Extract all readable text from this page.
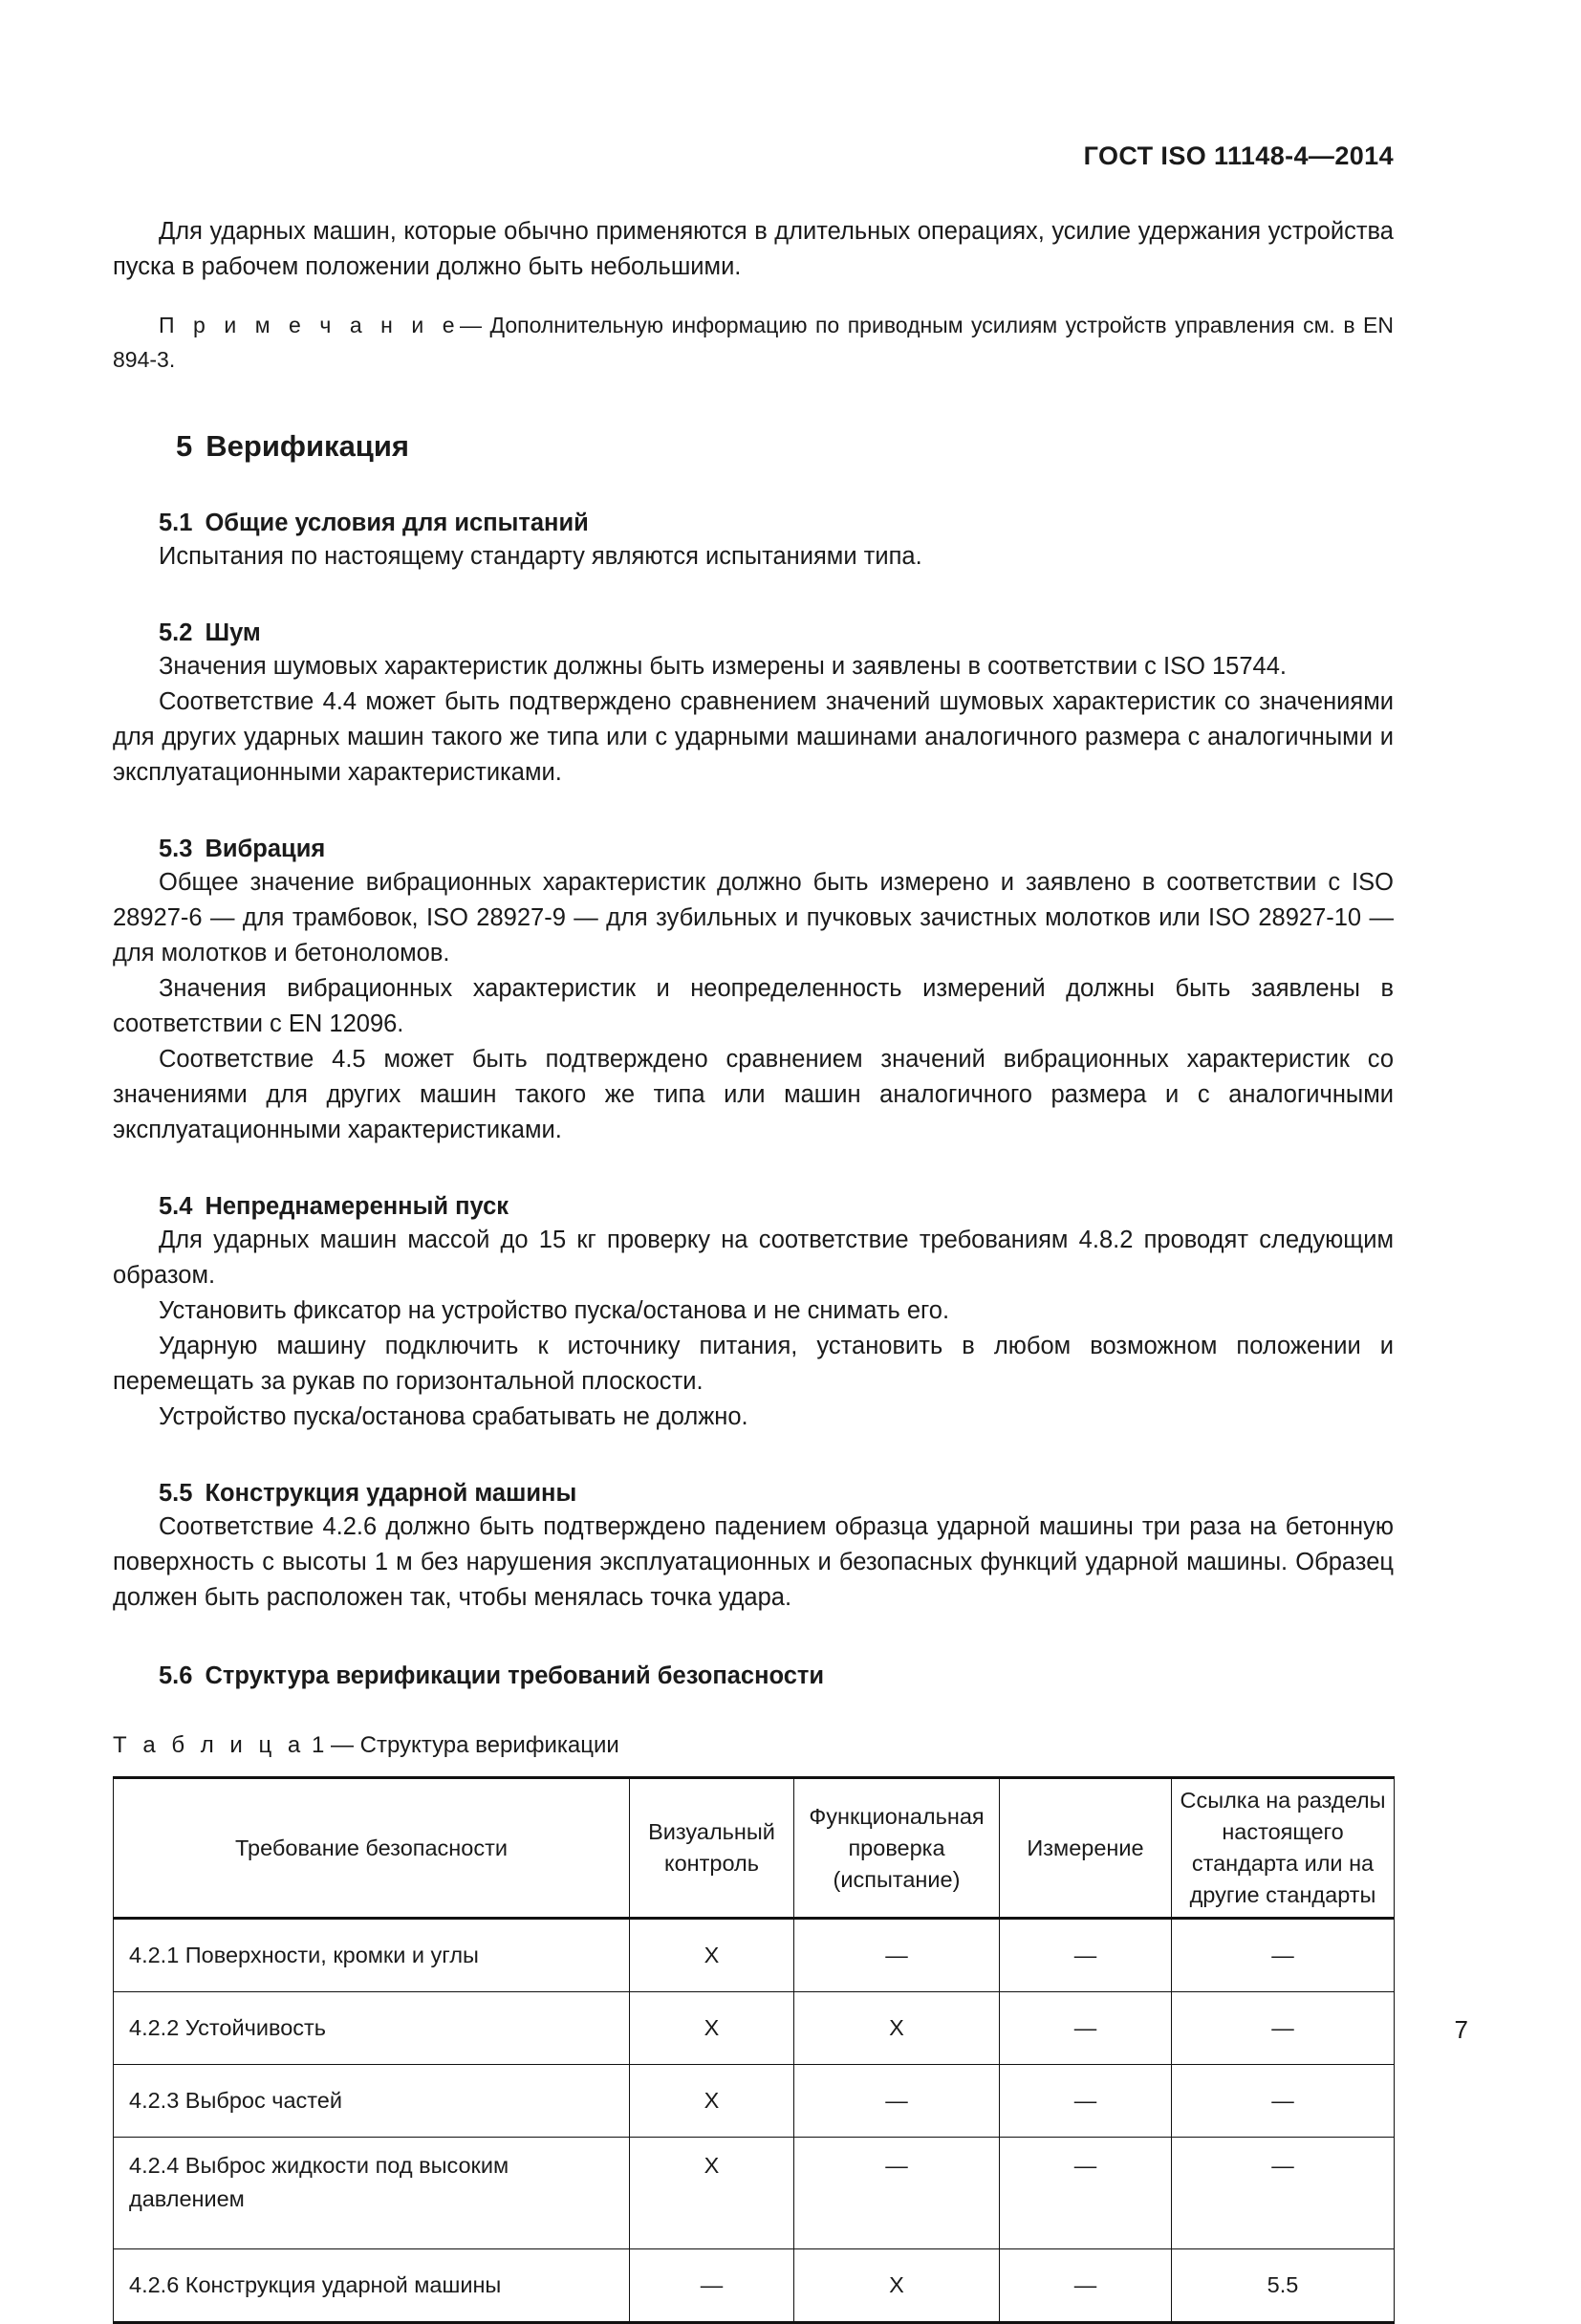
ГОСТ ISO 11148-4—2014

Для ударных машин, которые обычно применяются в длительных операциях, усилие удержания устройства пуска в рабочем положении должно быть небольшими.

П р и м е ч а н и е— Дополнительную информацию по приводным усилиям устройств управления см. в EN 894-3.

5 Верификация
5.1 Общие условия для испытаний

Испытания по настоящему стандарту являются испытаниями типа.

5.2 Шум

Значения шумовых характеристик должны быть измерены и заявлены в соответствии с ISO 15744.

Соответствие 4.4 может быть подтверждено сравнением значений шумовых характеристик со значениями для других ударных машин такого же типа или с ударными машинами аналогичного размера с аналогичными и эксплуатационными характеристиками.

5.3 Вибрация

Общее значение вибрационных характеристик должно быть измерено и заявлено в соответствии с ISO 28927-6 — для трамбовок, ISO 28927-9 — для зубильных и пучковых зачистных молотков или ISO 28927-10 — для молотков и бетоноломов.

Значения вибрационных характеристик и неопределенность измерений должны быть заявлены в соответствии с EN 12096.

Соответствие 4.5 может быть подтверждено сравнением значений вибрационных характеристик со значениями для других машин такого же типа или машин аналогичного размера и с аналогичными эксплуатационными характеристиками.

5.4 Непреднамеренный пуск

Для ударных машин массой до 15 кг проверку на соответствие требованиям 4.8.2 проводят следующим образом.

Установить фиксатор на устройство пуска/останова и не снимать его.

Ударную машину подключить к источнику питания, установить в любом возможном положении и перемещать за рукав по горизонтальной плоскости.

Устройство пуска/останова срабатывать не должно.

5.5 Конструкция ударной машины

Соответствие 4.2.6 должно быть подтверждено падением образца ударной машины три раза на бетонную поверхность с высоты 1 м без нарушения эксплуатационных и безопасных функций ударной машины. Образец должен быть расположен так, чтобы менялась точка удара.

5.6 Структура верификации требований безопасности
Т а б л и ц а 1 — Структура верификации
Требование безопасности	Визуальный контроль	Функциональная проверка (испытание)	Измерение	Ссылка на разделы настоящего стандарта или на другие стандарты
4.2.1 Поверхности, кромки и углы	X	—	—	—
4.2.2 Устойчивость	X	X	—	—
4.2.3 Выброс частей	X	—	—	—
4.2.4 Выброс жидкости под высоким давлением	X	—	—	—
4.2.6 Конструкция ударной машины	—	X	—	5.5
7
